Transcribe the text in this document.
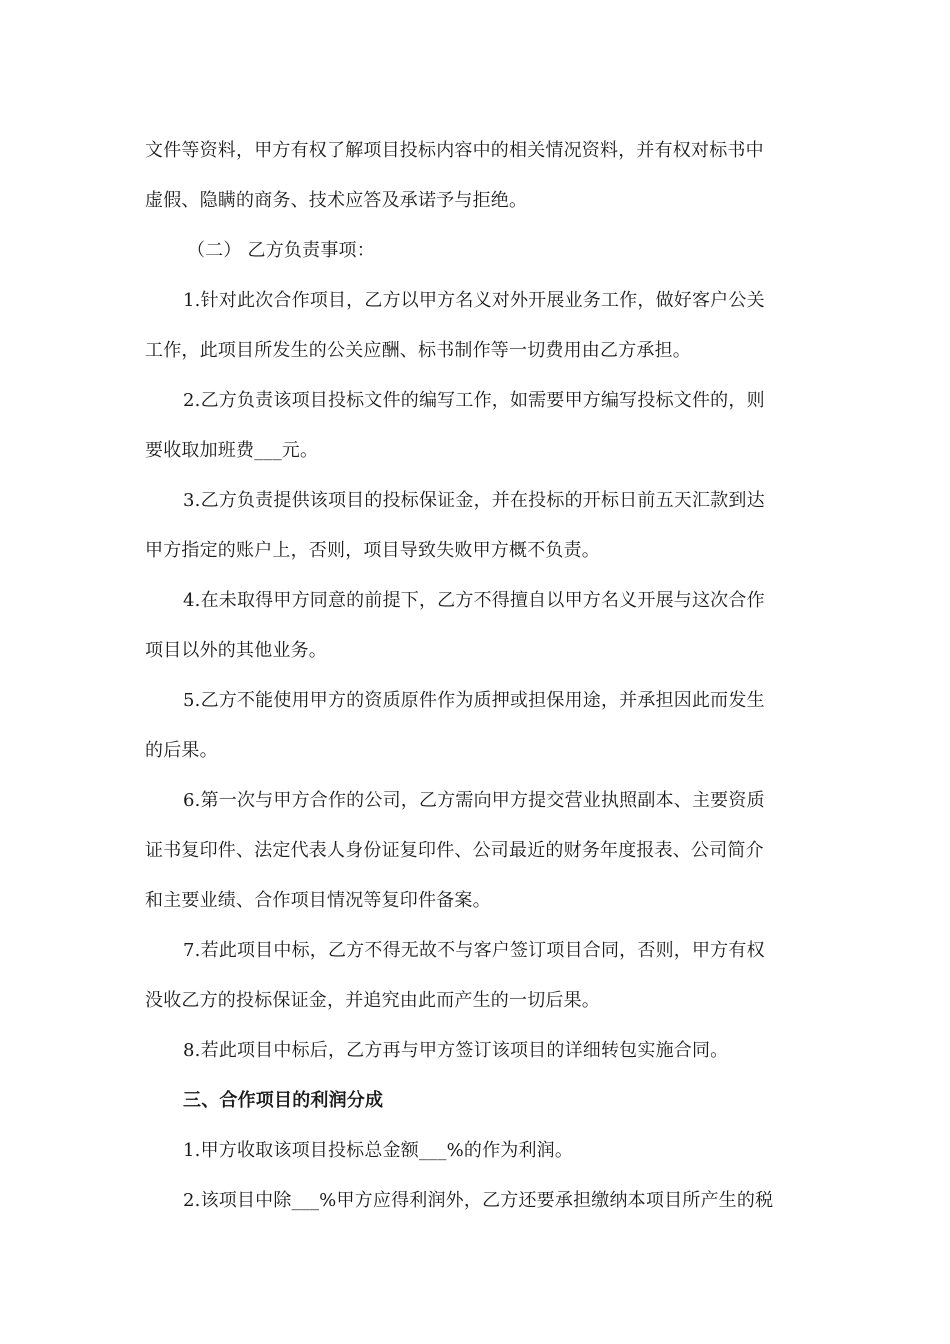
文件等资料，甲方有权了解项目投标内容中的相关情况资料，并有权对标书中
虚假、隐瞒的商务、技术应答及承诺予与拒绝。
（二） 乙方负责事项：
1.针对此次合作项目，乙方以甲方名义对外开展业务工作，做好客户公关
工作，此项目所发生的公关应酬、标书制作等一切费用由乙方承担。
2.乙方负责该项目投标文件的编写工作，如需要甲方编写投标文件的，则
要收取加班费___元。
3.乙方负责提供该项目的投标保证金，并在投标的开标日前五天汇款到达
甲方指定的账户上，否则，项目导致失败甲方概不负责。
4.在未取得甲方同意的前提下，乙方不得擅自以甲方名义开展与这次合作
项目以外的其他业务。
5.乙方不能使用甲方的资质原件作为质押或担保用途，并承担因此而发生
的后果。
6.第一次与甲方合作的公司，乙方需向甲方提交营业执照副本、主要资质
证书复印件、法定代表人身份证复印件、公司最近的财务年度报表、公司简介
和主要业绩、合作项目情况等复印件备案。
7.若此项目中标，乙方不得无故不与客户签订项目合同，否则，甲方有权
没收乙方的投标保证金，并追究由此而产生的一切后果。
8.若此项目中标后，乙方再与甲方签订该项目的详细转包实施合同。
三、合作项目的利润分成
1.甲方收取该项目投标总金额___%的作为利润。
2.该项目中除___%甲方应得利润外，乙方还要承担缴纳本项目所产生的税
